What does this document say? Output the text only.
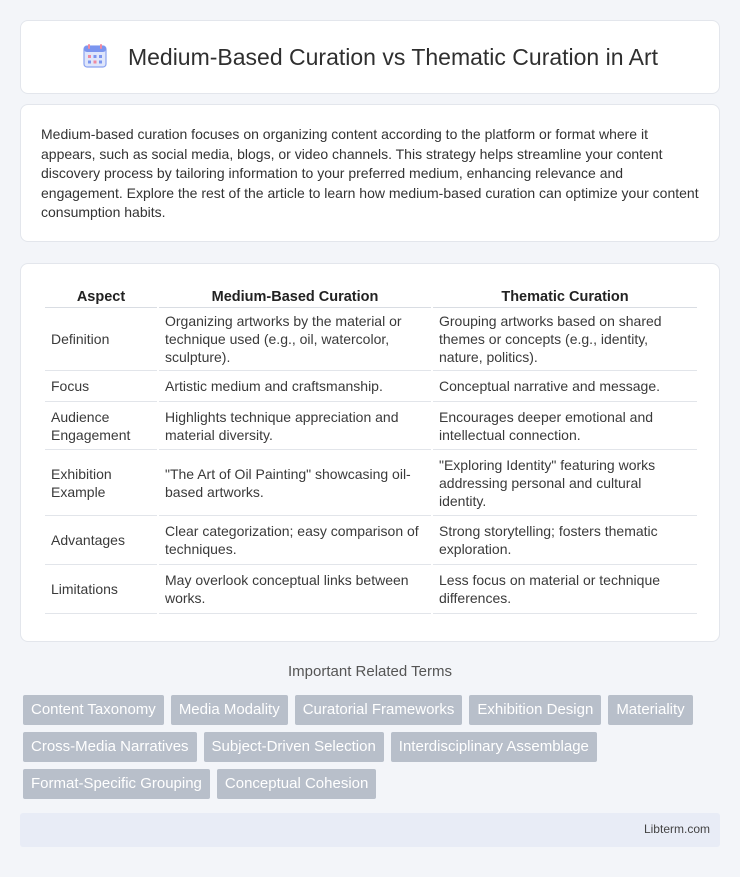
Medium-Based Curation vs Thematic Curation in Art

Medium-based curation focuses on organizing content according to the platform or format where it appears, such as social media, blogs, or video channels. This strategy helps streamline your content discovery process by tailoring information to your preferred medium, enhancing relevance and engagement. Explore the rest of the article to learn how medium-based curation can optimize your content consumption habits.

Aspect	Medium-Based Curation	Thematic Curation
Definition	Organizing artworks by the material or technique used (e.g., oil, watercolor, sculpture).	Grouping artworks based on shared themes or concepts (e.g., identity, nature, politics).
Focus	Artistic medium and craftsmanship.	Conceptual narrative and message.
Audience Engagement	Highlights technique appreciation and material diversity.	Encourages deeper emotional and intellectual connection.
Exhibition Example	"The Art of Oil Painting" showcasing oil-based artworks.	"Exploring Identity" featuring works addressing personal and cultural identity.
Advantages	Clear categorization; easy comparison of techniques.	Strong storytelling; fosters thematic exploration.
Limitations	May overlook conceptual links between works.	Less focus on material or technique differences.
Important Related Terms
Content Taxonomy	Media Modality	Curatorial Frameworks	Exhibition Design	Materiality
Cross-Media Narratives	Subject-Driven Selection	Interdisciplinary Assemblage
Format-Specific Grouping	Conceptual Cohesion
Libterm.com
